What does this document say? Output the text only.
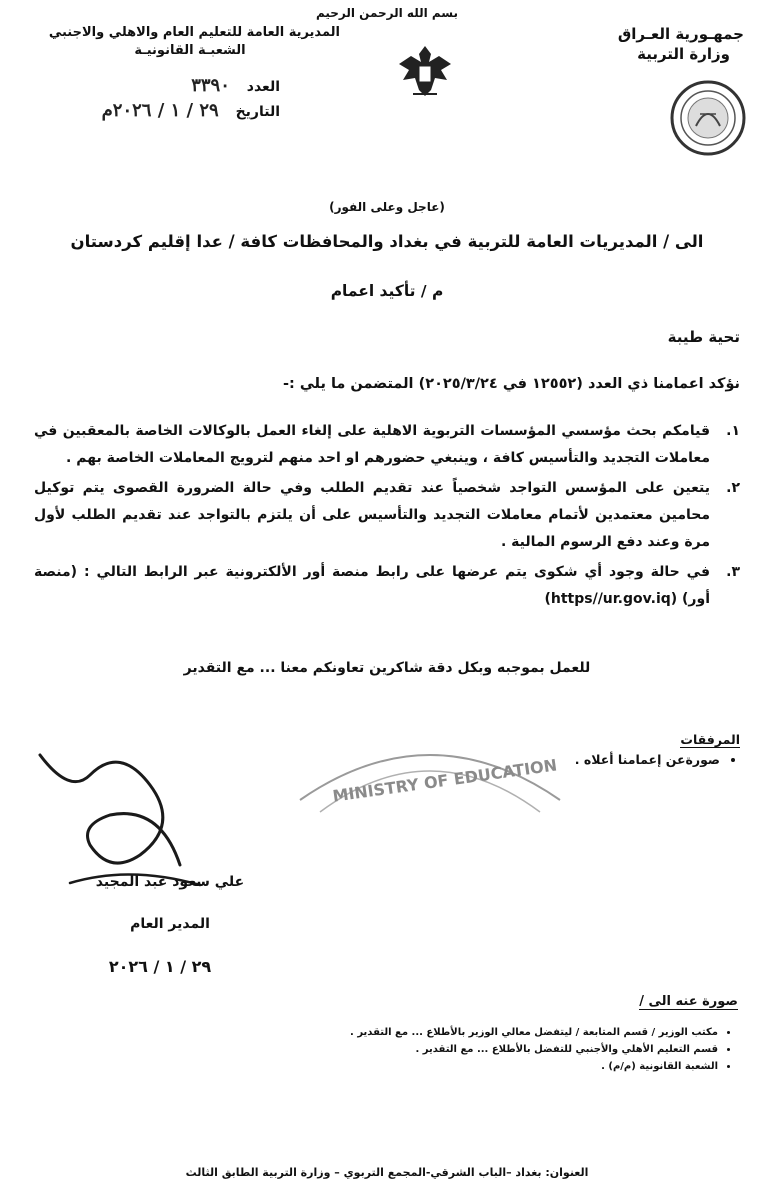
بسم الله الرحمن الرحيم
جمهـورية العـراق
وزارة التربية
المديرية العامة للتعليم العام والاهلي والاجنبي
الشعبـة القانونيـة
العدد ٣٣٩٠
التاريخ ٢٩ / ١ / ٢٠٢٦م
(عاجل وعلى الفور)
الى / المديريات العامة للتربية في بغداد والمحافظات كافة / عدا إقليم كردستان
م / تأكيد اعمام
تحية طيبة
نؤكد اعمامنا ذي العدد (١٢٥٥٢ في ٢٠٢٥/٣/٢٤) المتضمن ما يلي :-
١.
قيامكم بحث مؤسسي المؤسسات التربوية الاهلية على إلغاء العمل بالوكالات الخاصة بالمعقبين في معاملات التجديد والتأسيس كافة ، وينبغي حضورهم او احد منهم لترويج المعاملات الخاصة بهم .
٢.
يتعين على المؤسس التواجد شخصياً عند تقديم الطلب وفي حالة الضرورة القصوى يتم توكيل محامين معتمدين لأتمام معاملات التجديد والتأسيس على أن يلتزم بالتواجد عند تقديم الطلب لأول مرة وعند دفع الرسوم المالية .
٣.
في حالة وجود أي شكوى يتم عرضها على رابط منصة أور الألكترونية عبر الرابط التالي : (منصة أور) (https//ur.gov.iq)
للعمل بموجبه وبكل دقة شاكرين تعاونكم معنا ... مع التقدير
MINISTRY OF EDUCATION
المرفقات
• صورةعن إعمامنا أعلاه .
علي سعود عبد المجيد
المدير العام
٢٩ / ١ / ٢٠٢٦
صورة عنه الى /
• مكتب الوزير / قسم المتابعة / ليتفضل معالي الوزير بالأطلاع ... مع التقدير .
• قسم التعليم الأهلي والأجنبي للتفضل بالأطلاع ... مع التقدير .
• الشعبة القانونية (م/م) .
العنوان: بغداد –الباب الشرقي-المجمع التربوي – وزارة التربية الطابق الثالث
